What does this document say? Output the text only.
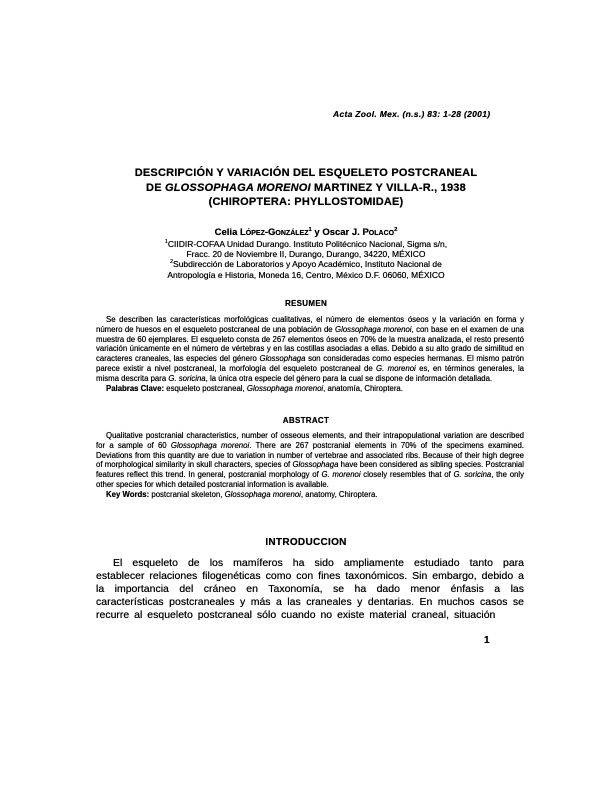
Acta Zool. Mex. (n.s.) 83: 1-28 (2001)
DESCRIPCIÓN Y VARIACIÓN DEL ESQUELETO POSTCRANEAL
DE GLOSSOPHAGA MORENOI MARTINEZ Y VILLA-R., 1938
(CHIROPTERA: PHYLLOSTOMIDAE)
Celia López-González$^1$ y Oscar J. Polaco$^2$
$^1$CIIDIR-COFAA Unidad Durango. Instituto Politécnico Nacional, Sigma s/n,
Fracc. 20 de Noviembre II, Durango, Durango, 34220, MÉXICO
$^2$Subdirección de Laboratorios y Apoyo Académico, Instituto Nacional de
Antropología e Historia, Moneda 16, Centro, México D.F. 06060, MÉXICO
RESUMEN

Se describen las características morfológicas cualitativas, el número de elementos óseos y la variación en forma y número de huesos en el esqueleto postcraneal de una población de Glossophaga morenoi, con base en el examen de una muestra de 60 ejemplares. El esqueleto consta de 267 elementos óseos en 70% de la muestra analizada, el resto presentó variación únicamente en el número de vértebras y en las costillas asociadas a ellas. Debido a su alto grado de similitud en caracteres craneales, las especies del género Glossophaga son consideradas como especies hermanas. El mismo patrón parece existir a nivel postcraneal, la morfología del esqueleto postcraneal de G. morenoi es, en términos generales, la misma descrita para G. soricina, la única otra especie del género para la cual se dispone de información detallada.

Palabras Clave: esqueleto postcraneal, Glossophaga morenoi, anatomía, Chiroptera.

ABSTRACT

Qualitative postcranial characteristics, number of osseous elements, and their intrapopulational variation are described for a sample of 60 Glossophaga morenoi. There are 267 postcranial elements in 70% of the specimens examined. Deviations from this quantity are due to variation in number of vertebrae and associated ribs. Because of their high degree of morphological similarity in skull characters, species of Glossophaga have been considered as sibling species. Postcranial features reflect this trend. In general, postcranial morphology of G. morenoi closely resembles that of G. soricina, the only other species for which detailed postcranial information is available.

Key Words: postcranial skeleton, Glossophaga morenoi, anatomy, Chiroptera.

INTRODUCCION

El esqueleto de los mamíferos ha sido ampliamente estudiado tanto para establecer relaciones filogenéticas como con fines taxonómicos. Sin embargo, debido a la importancia del cráneo en Taxonomía, se ha dado menor énfasis a las características postcraneales y más a las craneales y dentarias. En muchos casos se recurre al esqueleto postcraneal sólo cuando no existe material craneal, situación

1
